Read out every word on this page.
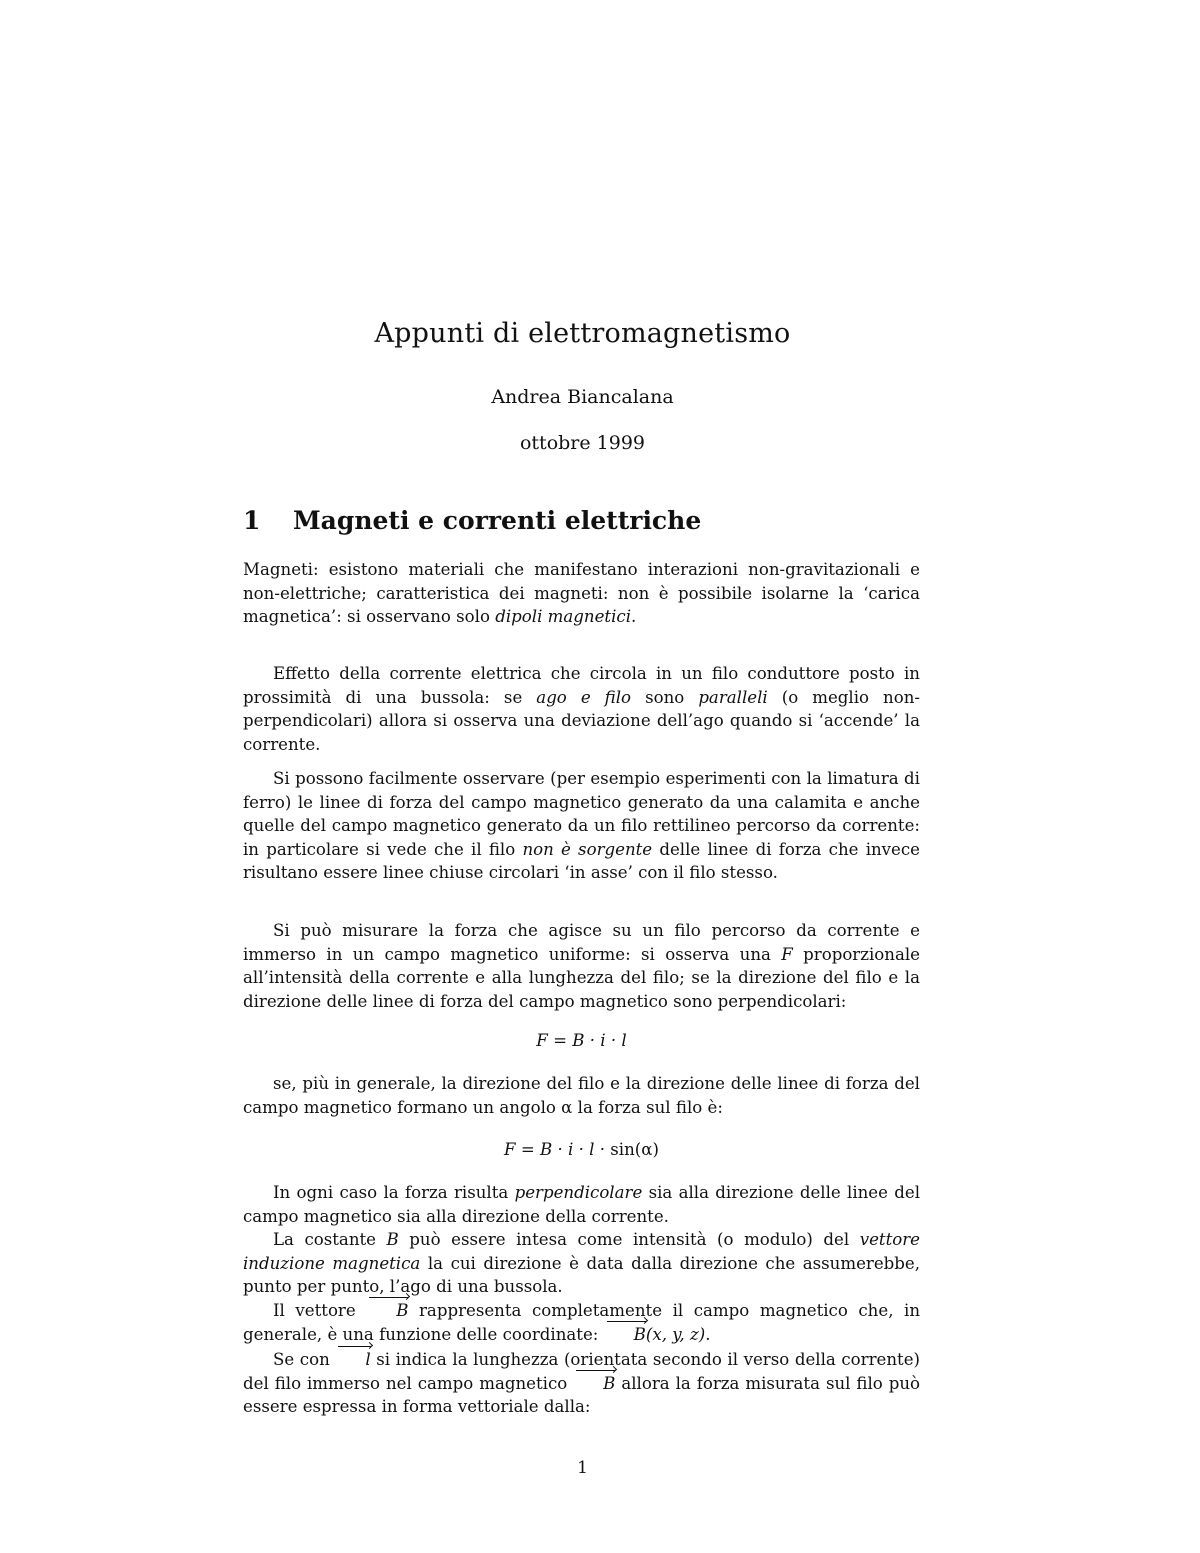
Appunti di elettromagnetismo

Andrea Biancalana

ottobre 1999

1 Magneti e correnti elettriche

Magneti: esistono materiali che manifestano interazioni non-gravitazionali e non-elettriche; caratteristica dei magneti: non è possibile isolarne la ‘carica magnetica’: si osservano solo dipoli magnetici.

Effetto della corrente elettrica che circola in un filo conduttore posto in prossimità di una bussola: se ago e filo sono paralleli (o meglio non-perpendicolari) allora si osserva una deviazione dell’ago quando si ‘accende’ la corrente.

Si possono facilmente osservare (per esempio esperimenti con la limatura di ferro) le linee di forza del campo magnetico generato da una calamita e anche quelle del campo magnetico generato da un filo rettilineo percorso da corrente: in particolare si vede che il filo non è sorgente delle linee di forza che invece risultano essere linee chiuse circolari ‘in asse’ con il filo stesso.

Si può misurare la forza che agisce su un filo percorso da corrente e immerso in un campo magnetico uniforme: si osserva una F proporzionale all’intensità della corrente e alla lunghezza del filo; se la direzione del filo e la direzione delle linee di forza del campo magnetico sono perpendicolari:

F = B · i · l

se, più in generale, la direzione del filo e la direzione delle linee di forza del campo magnetico formano un angolo α la forza sul filo è:

F = B · i · l · sin(α)

In ogni caso la forza risulta perpendicolare sia alla direzione delle linee del campo magnetico sia alla direzione della corrente.

La costante B può essere intesa come intensità (o modulo) del vettore induzione magnetica la cui direzione è data dalla direzione che assumerebbe, punto per punto, l’ago di una bussola.

Il vettore B rappresenta completamente il campo magnetico che, in generale, è una funzione delle coordinate: B(x, y, z).

Se con l si indica la lunghezza (orientata secondo il verso della corrente) del filo immerso nel campo magnetico B allora la forza misurata sul filo può essere espressa in forma vettoriale dalla:

1
